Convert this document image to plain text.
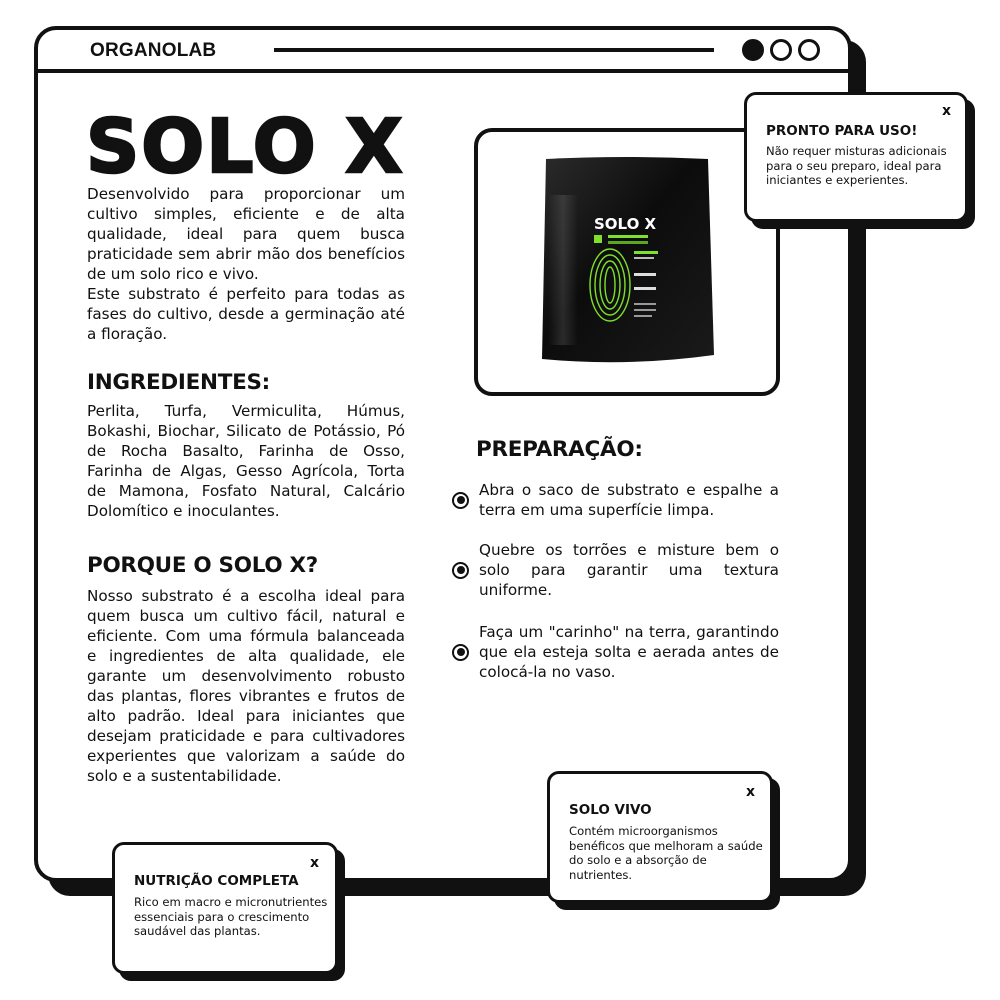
ORGANOLAB
SOLO X

Desenvolvido para proporcionar um cultivo simples, eficiente e de alta qualidade, ideal para quem busca praticidade sem abrir mão dos benefícios de um solo rico e vivo.

Este substrato é perfeito para todas as fases do cultivo, desde a germinação até a floração.

INGREDIENTES:
Perlita, Turfa, Vermiculita, Húmus, Bokashi, Biochar, Silicato de Potássio, Pó de Rocha Basalto, Farinha de Osso, Farinha de Algas, Gesso Agrícola, Torta de Mamona, Fosfato Natural, Calcário Dolomítico e inoculantes.
PORQUE O SOLO X?
Nosso substrato é a escolha ideal para quem busca um cultivo fácil, natural e eficiente. Com uma fórmula balanceada e ingredientes de alta qualidade, ele garante um desenvolvimento robusto das plantas, flores vibrantes e frutos de alto padrão. Ideal para iniciantes que desejam praticidade e para cultivadores experientes que valorizam a saúde do solo e a sustentabilidade.
SOLO X
PREPARAÇÃO:
Abra o saco de substrato e espalhe a terra em uma superfície limpa.
Quebre os torrões e misture bem o solo para garantir uma textura uniforme.
Faça um "carinho" na terra, garantindo que ela esteja solta e aerada antes de colocá-la no vaso.
x
PRONTO PARA USO!
Não requer misturas adicionais para o seu preparo, ideal para iniciantes e experientes.
x
SOLO VIVO
Contém microorganismos benéficos que melhoram a saúde do solo e a absorção de nutrientes.
x
NUTRIÇÃO COMPLETA
Rico em macro e micronutrientes essenciais para o crescimento saudável das plantas.
